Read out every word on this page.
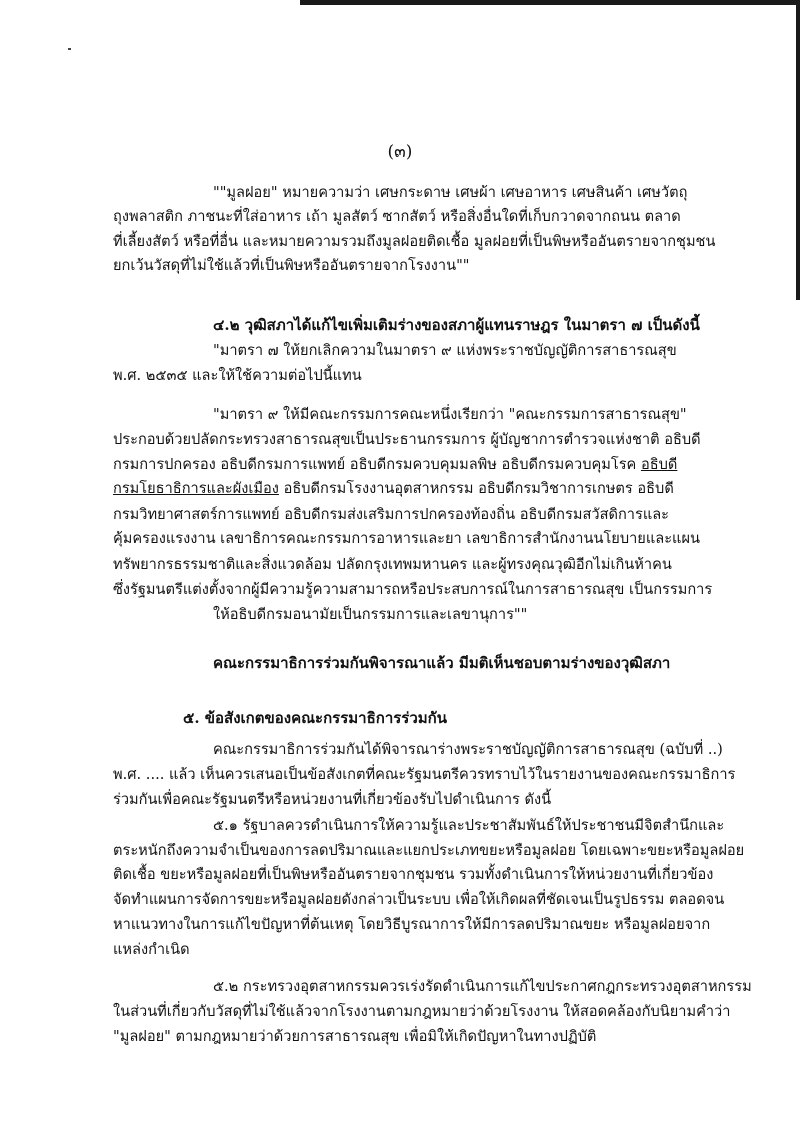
(๓)
""มูลฝอย" หมายความว่า เศษกระดาษ เศษผ้า เศษอาหาร เศษสินค้า เศษวัตถุ
ถุงพลาสติก ภาชนะที่ใส่อาหาร เถ้า มูลสัตว์ ซากสัตว์ หรือสิ่งอื่นใดที่เก็บกวาดจากถนน ตลาด
ที่เลี้ยงสัตว์ หรือที่อื่น และหมายความรวมถึงมูลฝอยติดเชื้อ มูลฝอยที่เป็นพิษหรืออันตรายจากชุมชน
ยกเว้นวัสดุที่ไม่ใช้แล้วที่เป็นพิษหรืออันตรายจากโรงงาน""
๔.๒ วุฒิสภาได้แก้ไขเพิ่มเติมร่างของสภาผู้แทนราษฎร ในมาตรา ๗ เป็นดังนี้
"มาตรา ๗ ให้ยกเลิกความในมาตรา ๙ แห่งพระราชบัญญัติการสาธารณสุข
พ.ศ. ๒๕๓๕ และให้ใช้ความต่อไปนี้แทน
"มาตรา ๙ ให้มีคณะกรรมการคณะหนึ่งเรียกว่า "คณะกรรมการสาธารณสุข"
ประกอบด้วยปลัดกระทรวงสาธารณสุขเป็นประธานกรรมการ ผู้บัญชาการตำรวจแห่งชาติ อธิบดี
กรมการปกครอง อธิบดีกรมการแพทย์ อธิบดีกรมควบคุมมลพิษ อธิบดีกรมควบคุมโรค อธิบดี
กรมโยธาธิการและผังเมือง อธิบดีกรมโรงงานอุตสาหกรรม อธิบดีกรมวิชาการเกษตร อธิบดี
กรมวิทยาศาสตร์การแพทย์ อธิบดีกรมส่งเสริมการปกครองท้องถิ่น อธิบดีกรมสวัสดิการและ
คุ้มครองแรงงาน เลขาธิการคณะกรรมการอาหารและยา เลขาธิการสำนักงานนโยบายและแผน
ทรัพยากรธรรมชาติและสิ่งแวดล้อม ปลัดกรุงเทพมหานคร และผู้ทรงคุณวุฒิอีกไม่เกินห้าคน
ซึ่งรัฐมนตรีแต่งตั้งจากผู้มีความรู้ความสามารถหรือประสบการณ์ในการสาธารณสุข เป็นกรรมการ
ให้อธิบดีกรมอนามัยเป็นกรรมการและเลขานุการ""
คณะกรรมาธิการร่วมกันพิจารณาแล้ว มีมติเห็นชอบตามร่างของวุฒิสภา
๕. ข้อสังเกตของคณะกรรมาธิการร่วมกัน
คณะกรรมาธิการร่วมกันได้พิจารณาร่างพระราชบัญญัติการสาธารณสุข (ฉบับที่ ..)
พ.ศ. .... แล้ว เห็นควรเสนอเป็นข้อสังเกตที่คณะรัฐมนตรีควรทราบไว้ในรายงานของคณะกรรมาธิการ
ร่วมกันเพื่อคณะรัฐมนตรีหรือหน่วยงานที่เกี่ยวข้องรับไปดำเนินการ ดังนี้
๕.๑ รัฐบาลควรดำเนินการให้ความรู้และประชาสัมพันธ์ให้ประชาชนมีจิตสำนึกและ
ตระหนักถึงความจำเป็นของการลดปริมาณและแยกประเภทขยะหรือมูลฝอย โดยเฉพาะขยะหรือมูลฝอย
ติดเชื้อ ขยะหรือมูลฝอยที่เป็นพิษหรืออันตรายจากชุมชน รวมทั้งดำเนินการให้หน่วยงานที่เกี่ยวข้อง
จัดทำแผนการจัดการขยะหรือมูลฝอยดังกล่าวเป็นระบบ เพื่อให้เกิดผลที่ชัดเจนเป็นรูปธรรม ตลอดจน
หาแนวทางในการแก้ไขปัญหาที่ต้นเหตุ โดยวิธีบูรณาการให้มีการลดปริมาณขยะ หรือมูลฝอยจาก
แหล่งกำเนิด
๕.๒ กระทรวงอุตสาหกรรมควรเร่งรัดดำเนินการแก้ไขประกาศกฎกระทรวงอุตสาหกรรม
ในส่วนที่เกี่ยวกับวัสดุที่ไม่ใช้แล้วจากโรงงานตามกฎหมายว่าด้วยโรงงาน ให้สอดคล้องกับนิยามคำว่า
"มูลฝอย" ตามกฎหมายว่าด้วยการสาธารณสุข เพื่อมิให้เกิดปัญหาในทางปฏิบัติ
